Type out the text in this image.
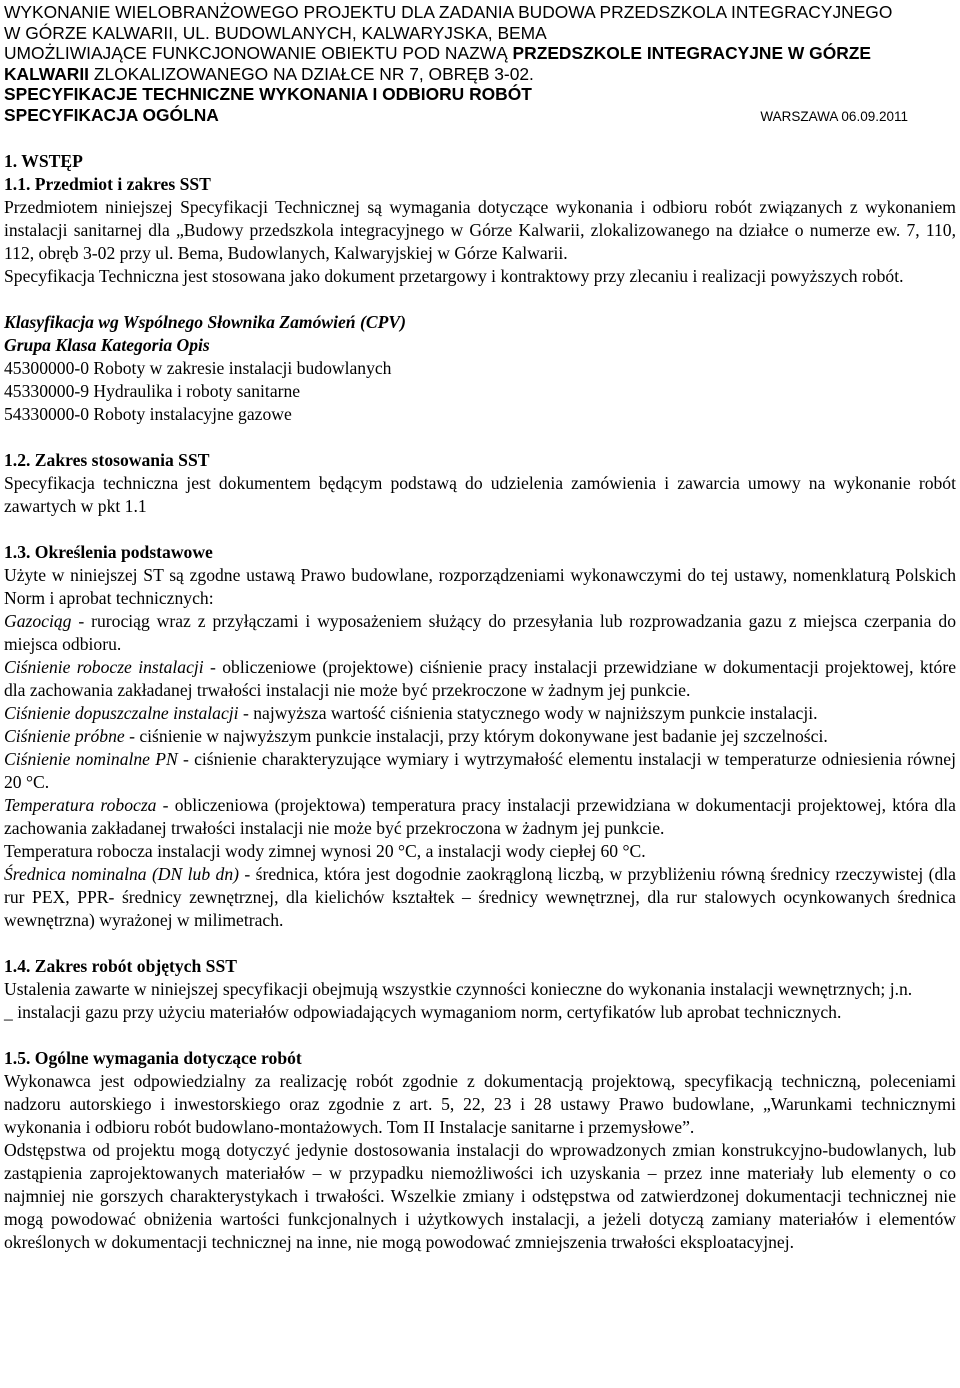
WYKONANIE WIELOBRANŻOWEGO PROJEKTU DLA ZADANIA BUDOWA PRZEDSZKOLA INTEGRACYJNEGO
W GÓRZE KALWARII, UL. BUDOWLANYCH, KALWARYJSKA, BEMA
UMOŻLIWIAJĄCE FUNKCJONOWANIE OBIEKTU POD NAZWĄ PRZEDSZKOLE INTEGRACYJNE W GÓRZE
KALWARII ZLOKALIZOWANEGO NA DZIAŁCE NR 7, OBRĘB 3-02.
SPECYFIKACJE TECHNICZNE WYKONANIA I ODBIORU ROBÓT
SPECYFIKACJA OGÓLNA	WARSZAWA 06.09.2011
1. WSTĘP
1.1. Przedmiot i zakres SST

Przedmiotem niniejszej Specyfikacji Technicznej są wymagania dotyczące wykonania i odbioru robót związanych z wykonaniem instalacji sanitarnej dla „Budowy przedszkola integracyjnego w Górze Kalwarii, zlokalizowanego na działce o numerze ew. 7, 110, 112, obręb 3-02 przy ul. Bema, Budowlanych, Kalwaryjskiej w Górze Kalwarii.

Specyfikacja Techniczna jest stosowana jako dokument przetargowy i kontraktowy przy zlecaniu i realizacji powyższych robót.

Klasyfikacja wg Wspólnego Słownika Zamówień (CPV)

Grupa Klasa Kategoria Opis

45300000-0 Roboty w zakresie instalacji budowlanych

45330000-9 Hydraulika i roboty sanitarne

54330000-0 Roboty instalacyjne gazowe

1.2. Zakres stosowania SST

Specyfikacja techniczna jest dokumentem będącym podstawą do udzielenia zamówienia i zawarcia umowy na wykonanie robót zawartych w pkt 1.1

1.3. Określenia podstawowe

Użyte w niniejszej ST są zgodne ustawą Prawo budowlane, rozporządzeniami wykonawczymi do tej ustawy, nomenklaturą Polskich Norm i aprobat technicznych:

Gazociąg - rurociąg wraz z przyłączami i wyposażeniem służący do przesyłania lub rozprowadzania gazu z miejsca czerpania do miejsca odbioru.

Ciśnienie robocze instalacji - obliczeniowe (projektowe) ciśnienie pracy instalacji przewidziane w dokumentacji projektowej, które dla zachowania zakładanej trwałości instalacji nie może być przekroczone w żadnym jej punkcie.

Ciśnienie dopuszczalne instalacji - najwyższa wartość ciśnienia statycznego wody w najniższym punkcie instalacji.

Ciśnienie próbne - ciśnienie w najwyższym punkcie instalacji, przy którym dokonywane jest badanie jej szczelności.

Ciśnienie nominalne PN - ciśnienie charakteryzujące wymiary i wytrzymałość elementu instalacji w temperaturze odniesienia równej 20 °C.

Temperatura robocza - obliczeniowa (projektowa) temperatura pracy instalacji przewidziana w dokumentacji projektowej, która dla zachowania zakładanej trwałości instalacji nie może być przekroczona w żadnym jej punkcie.

Temperatura robocza instalacji wody zimnej wynosi 20 °C, a instalacji wody ciepłej 60 °C.

Średnica nominalna (DN lub dn) - średnica, która jest dogodnie zaokrągloną liczbą, w przybliżeniu równą średnicy rzeczywistej (dla rur PEX, PPR- średnicy zewnętrznej, dla kielichów kształtek – średnicy wewnętrznej, dla rur stalowych ocynkowanych średnica wewnętrzna) wyrażonej w milimetrach.

1.4. Zakres robót objętych SST

Ustalenia zawarte w niniejszej specyfikacji obejmują wszystkie czynności konieczne do wykonania instalacji wewnętrznych; j.n.

_ instalacji gazu przy użyciu materiałów odpowiadających wymaganiom norm, certyfikatów lub aprobat technicznych.

1.5. Ogólne wymagania dotyczące robót

Wykonawca jest odpowiedzialny za realizację robót zgodnie z dokumentacją projektową, specyfikacją techniczną, poleceniami nadzoru autorskiego i inwestorskiego oraz zgodnie z art. 5, 22, 23 i 28 ustawy Prawo budowlane, „Warunkami technicznymi wykonania i odbioru robót budowlano-montażowych. Tom II Instalacje sanitarne i przemysłowe”.

Odstępstwa od projektu mogą dotyczyć jedynie dostosowania instalacji do wprowadzonych zmian konstrukcyjno-budowlanych, lub zastąpienia zaprojektowanych materiałów – w przypadku niemożliwości ich uzyskania – przez inne materiały lub elementy o co najmniej nie gorszych charakterystykach i trwałości. Wszelkie zmiany i odstępstwa od zatwierdzonej dokumentacji technicznej nie mogą powodować obniżenia wartości funkcjonalnych i użytkowych instalacji, a jeżeli dotyczą zamiany materiałów i elementów określonych w dokumentacji technicznej na inne, nie mogą powodować zmniejszenia trwałości eksploatacyjnej.
